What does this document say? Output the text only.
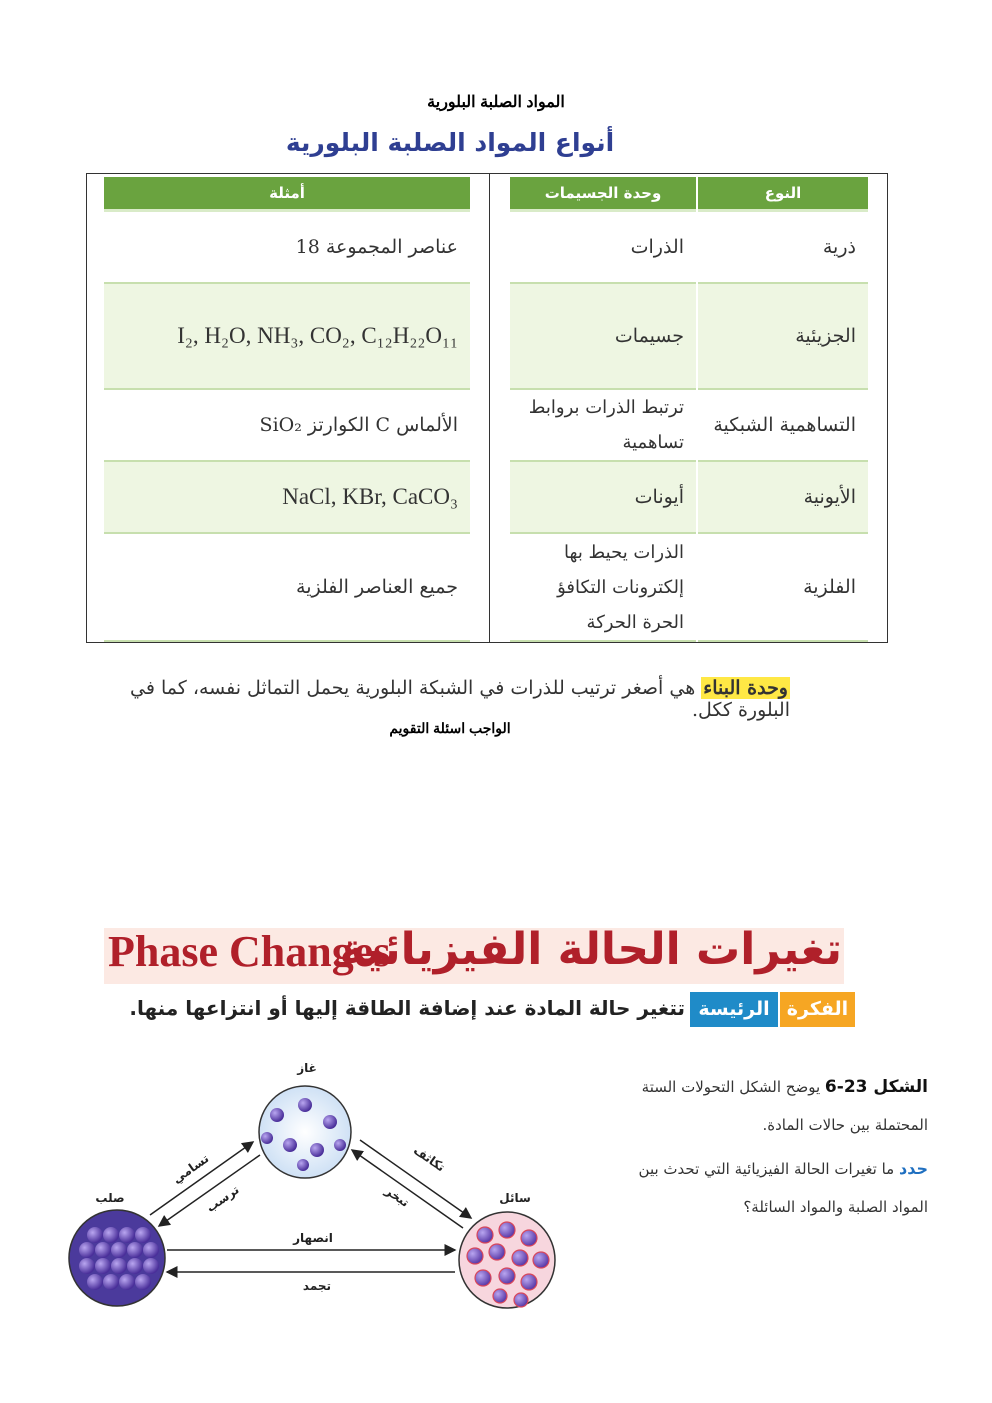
المواد الصلبة البلورية
أنواع المواد الصلبة البلورية
النوع
وحدة الجسيمات
أمثلة
ذرية
الذرات
عناصر المجموعة 18
الجزيئية
جسيمات
I₂, H₂O, NH₃, CO₂, C₁₂H₂₂O₁₁
التساهمية الشبكية
ترتبط الذرات بروابط تساهمية
الألماس C الكوارتز SiO₂
الأيونية
أيونات
NaCl, KBr, CaCO₃
الفلزية
الذرات يحيط بها إلكترونات التكافؤ الحرة الحركة
جميع العناصر الفلزية
وحدة البناء هي أصغر ترتيب للذرات في الشبكة البلورية يحمل التماثل نفسه، كما في البلورة ككل.
الواجب اسئلة التقويم
Phase Changes
تغيرات الحالة الفيزيائية
الفكرة
الرئيسة
تتغير حالة المادة عند إضافة الطاقة إليها أو انتزاعها منها.
الشكل 23-6 يوضح الشكل التحولات الستة المحتملة بين حالات المادة.
حدد ما تغيرات الحالة الفيزيائية التي تحدث بين المواد الصلبة والمواد السائلة؟
غاز
صلب	سائل
تسامي
ترسب
تكاثف
تبخر
انصهار
تجمد
